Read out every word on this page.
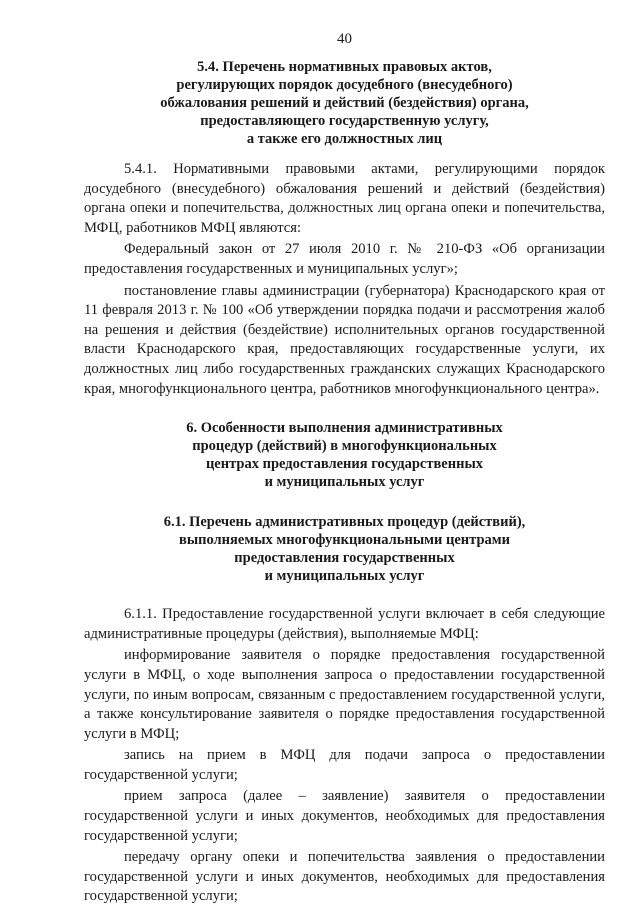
40
5.4. Перечень нормативных правовых актов,
регулирующих порядок досудебного (внесудебного)
обжалования решений и действий (бездействия) органа,
предоставляющего государственную услугу,
а также его должностных лиц

5.4.1. Нормативными правовыми актами, регулирующими порядок досудебного (внесудебного) обжалования решений и действий (бездействия) органа опеки и попечительства, должностных лиц органа опеки и попечительства, МФЦ, работников МФЦ являются:

Федеральный закон от 27 июля 2010 г. № 210-ФЗ «Об организации предоставления государственных и муниципальных услуг»;

постановление главы администрации (губернатора) Краснодарского края от 11 февраля 2013 г. № 100 «Об утверждении порядка подачи и рассмотрения жалоб на решения и действия (бездействие) исполнительных органов государственной власти Краснодарского края, предоставляющих государственные услуги, их должностных лиц либо государственных гражданских служащих Краснодарского края, многофункционального центра, работников многофункционального центра».

6. Особенности выполнения административных
процедур (действий) в многофункциональных
центрах предоставления государственных
и муниципальных услуг
6.1. Перечень административных процедур (действий),
выполняемых многофункциональными центрами
предоставления государственных
и муниципальных услуг

6.1.1. Предоставление государственной услуги включает в себя следующие административные процедуры (действия), выполняемые МФЦ:

информирование заявителя о порядке предоставления государственной услуги в МФЦ, о ходе выполнения запроса о предоставлении государственной услуги, по иным вопросам, связанным с предоставлением государственной услуги, а также консультирование заявителя о порядке предоставления государственной услуги в МФЦ;

запись на прием в МФЦ для подачи запроса о предоставлении государственной услуги;

прием запроса (далее – заявление) заявителя о предоставлении государственной услуги и иных документов, необходимых для предоставления государственной услуги;

передачу органу опеки и попечительства заявления о предоставлении государственной услуги и иных документов, необходимых для предоставления государственной услуги;
